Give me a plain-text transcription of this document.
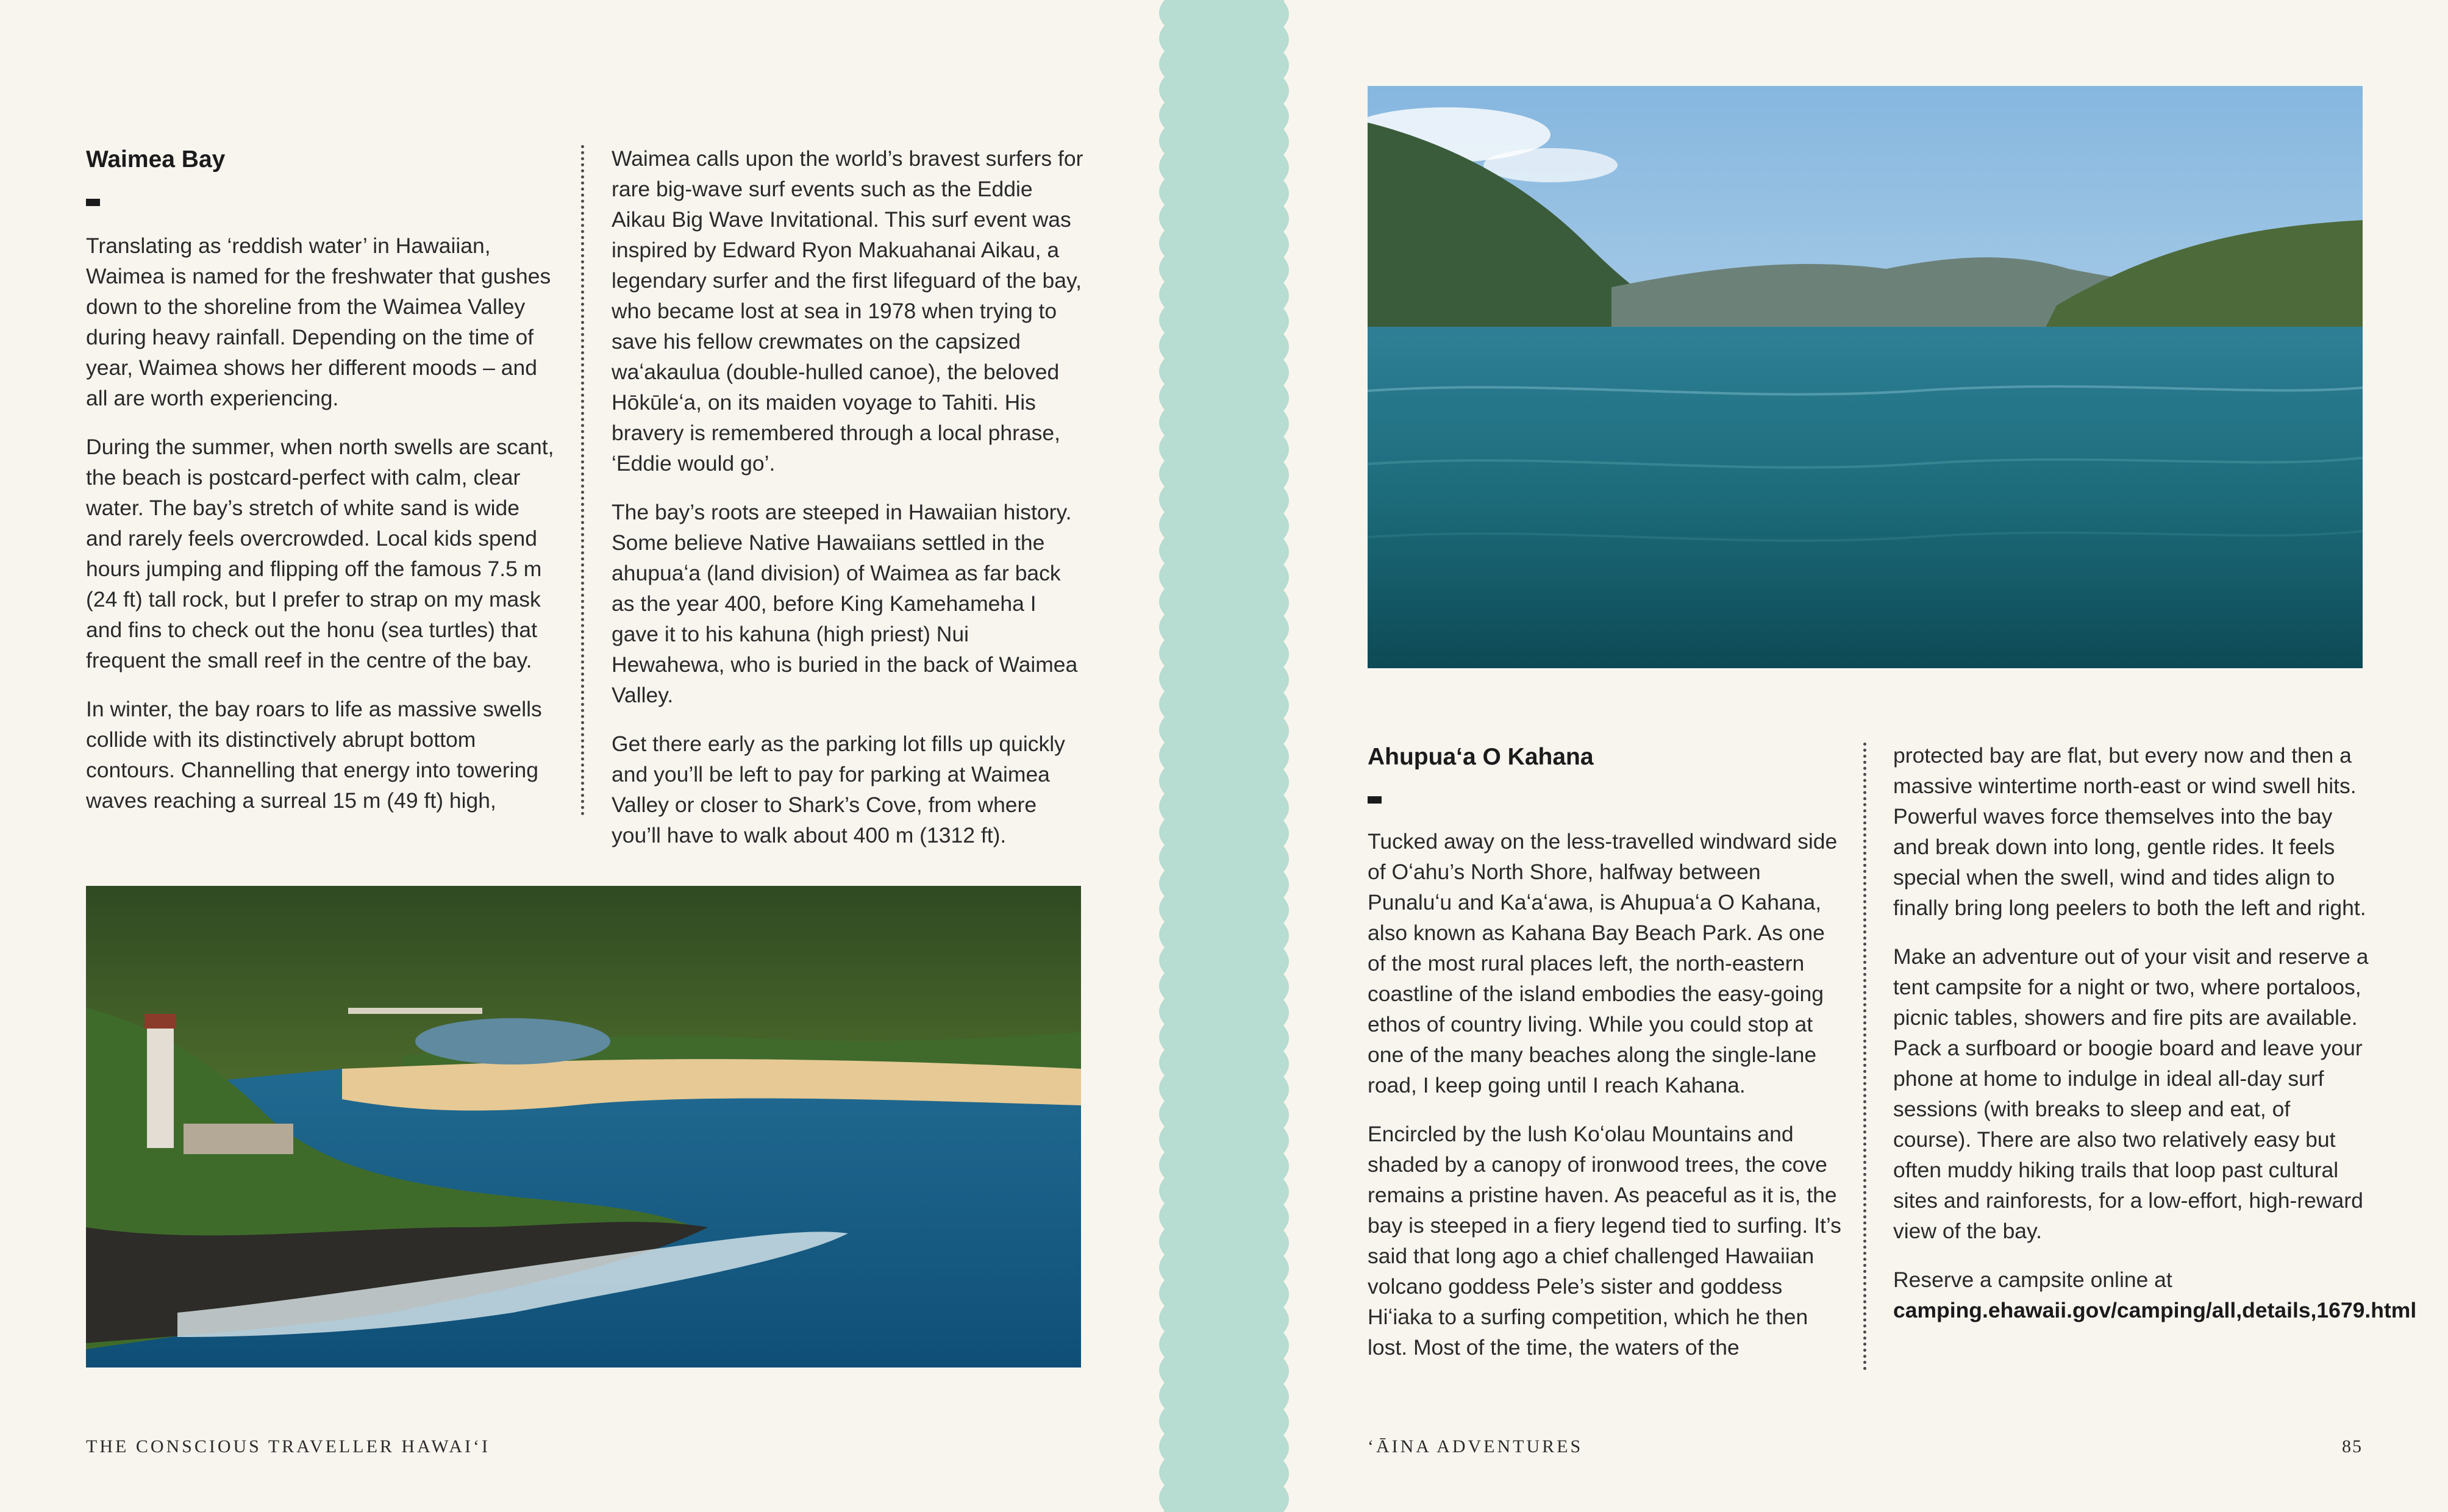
Waimea Bay

Translating as ‘reddish water’ in Hawaiian, Waimea is named for the freshwater that gushes down to the shoreline from the Waimea Valley during heavy rainfall. Depending on the time of year, Waimea shows her different moods – and all are worth experiencing.

During the summer, when north swells are scant, the beach is postcard-perfect with calm, clear water. The bay’s stretch of white sand is wide and rarely feels overcrowded. Local kids spend hours jumping and flipping off the famous 7.5 m (24 ft) tall rock, but I prefer to strap on my mask and fins to check out the honu (sea turtles) that frequent the small reef in the centre of the bay.

In winter, the bay roars to life as massive swells collide with its distinctively abrupt bottom contours. Channelling that energy into towering waves reaching a surreal 15 m (49 ft) high,

Waimea calls upon the world’s bravest surfers for rare big-wave surf events such as the Eddie Aikau Big Wave Invitational. This surf event was inspired by Edward Ryon Makuahanai Aikau, a legendary surfer and the first lifeguard of the bay, who became lost at sea in 1978 when trying to save his fellow crewmates on the capsized waʻakaulua (double-hulled canoe), the beloved Hōkūleʻa, on its maiden voyage to Tahiti. His bravery is remembered through a local phrase, ‘Eddie would go’.

The bay’s roots are steeped in Hawaiian history. Some believe Native Hawaiians settled in the ahupuaʻa (land division) of Waimea as far back as the year 400, before King Kamehameha I gave it to his kahuna (high priest) Nui Hewahewa, who is buried in the back of Waimea Valley.

Get there early as the parking lot fills up quickly and you’ll be left to pay for parking at Waimea Valley or closer to Shark’s Cove, from where you’ll have to walk about 400 m (1312 ft).

THE CONSCIOUS TRAVELLER HAWAIʻI
Ahupuaʻa O Kahana

Tucked away on the less-travelled windward side of Oʻahu’s North Shore, halfway between Punaluʻu and Kaʻaʻawa, is Ahupuaʻa O Kahana, also known as Kahana Bay Beach Park. As one of the most rural places left, the north-eastern coastline of the island embodies the easy-going ethos of country living. While you could stop at one of the many beaches along the single-lane road, I keep going until I reach Kahana.

Encircled by the lush Koʻolau Mountains and shaded by a canopy of ironwood trees, the cove remains a pristine haven. As peaceful as it is, the bay is steeped in a fiery legend tied to surfing. It’s said that long ago a chief challenged Hawaiian volcano goddess Pele’s sister and goddess Hiʻiaka to a surfing competition, which he then lost. Most of the time, the waters of the

protected bay are flat, but every now and then a massive wintertime north-east or wind swell hits. Powerful waves force themselves into the bay and break down into long, gentle rides. It feels special when the swell, wind and tides align to finally bring long peelers to both the left and right.

Make an adventure out of your visit and reserve a tent campsite for a night or two, where portaloos, picnic tables, showers and fire pits are available. Pack a surfboard or boogie board and leave your phone at home to indulge in ideal all-day surf sessions (with breaks to sleep and eat, of course). There are also two relatively easy but often muddy hiking trails that loop past cultural sites and rainforests, for a low-effort, high-reward view of the bay.

Reserve a campsite online at camping.ehawaii.gov/camping/all,details,1679.html

ʻĀINA ADVENTURES	85
